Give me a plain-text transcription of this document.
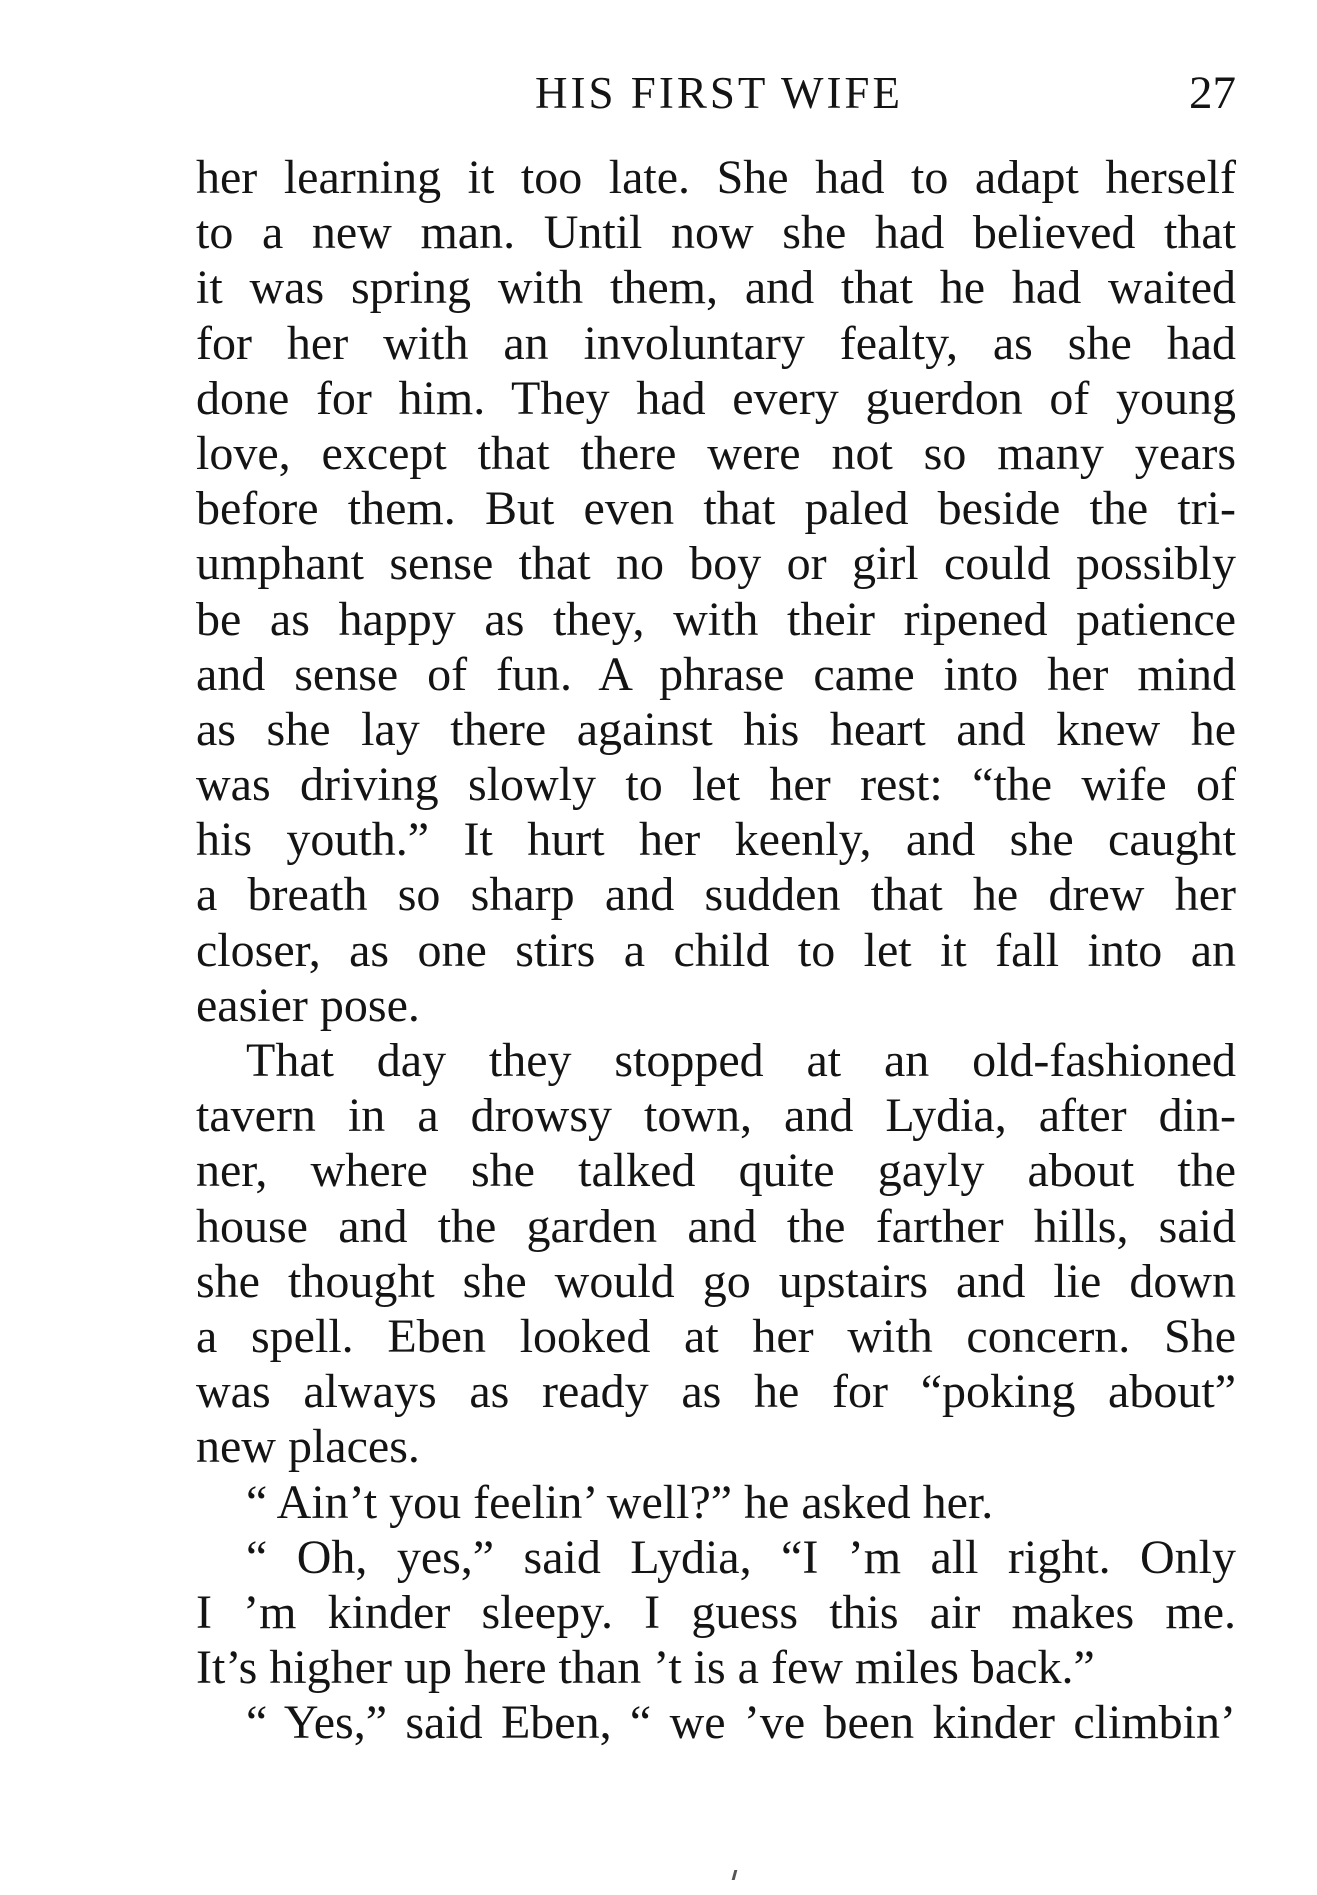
HIS FIRST WIFE	27
her learning it too late. She had to adapt herself
to a new man. Until now she had believed that
it was spring with them, and that he had waited
for her with an involuntary fealty, as she had
done for him. They had every guerdon of young
love, except that there were not so many years
before them. But even that paled beside the tri-
umphant sense that no boy or girl could possibly
be as happy as they, with their ripened patience
and sense of fun. A phrase came into her mind
as she lay there against his heart and knew he
was driving slowly to let her rest: “the wife of
his youth.” It hurt her keenly, and she caught
a breath so sharp and sudden that he drew her
closer, as one stirs a child to let it fall into an
easier pose.
That day they stopped at an old-fashioned
tavern in a drowsy town, and Lydia, after din-
ner, where she talked quite gayly about the
house and the garden and the farther hills, said
she thought she would go upstairs and lie down
a spell. Eben looked at her with concern. She
was always as ready as he for “poking about”
new places.
“ Ain’t you feelin’ well?” he asked her.
“ Oh, yes,” said Lydia, “I ’m all right. Only
I ’m kinder sleepy. I guess this air makes me.
It’s higher up here than ’t is a few miles back.”
“ Yes,” said Eben, “ we ’ve been kinder climbin’
